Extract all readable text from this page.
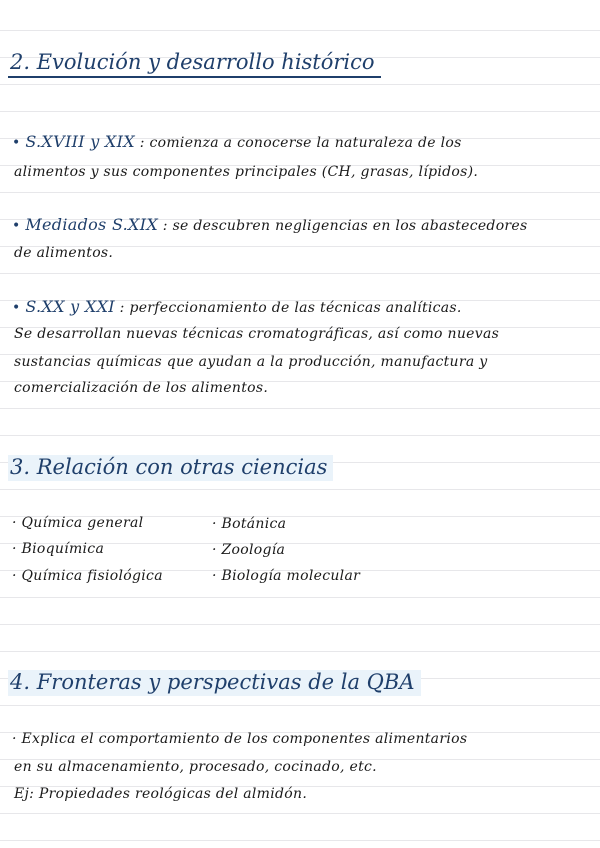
2. Evolución y desarrollo histórico
• S.XVIII y XIX : comienza a conocerse la naturaleza de los
alimentos y sus componentes principales (CH, grasas, lípidos).
• Mediados S.XIX : se descubren negligencias en los abastecedores
de alimentos.
• S.XX y XXI : perfeccionamiento de las técnicas analíticas.
Se desarrollan nuevas técnicas cromatográficas, así como nuevas
sustancias químicas que ayudan a la producción, manufactura y
comercialización de los alimentos.
3. Relación con otras ciencias
· Química general
· Bioquímica
· Química fisiológica
· Botánica
· Zoología
· Biología molecular
4. Fronteras y perspectivas de la QBA
· Explica el comportamiento de los componentes alimentarios
en su almacenamiento, procesado, cocinado, etc.
Ej: Propiedades reológicas del almidón.
